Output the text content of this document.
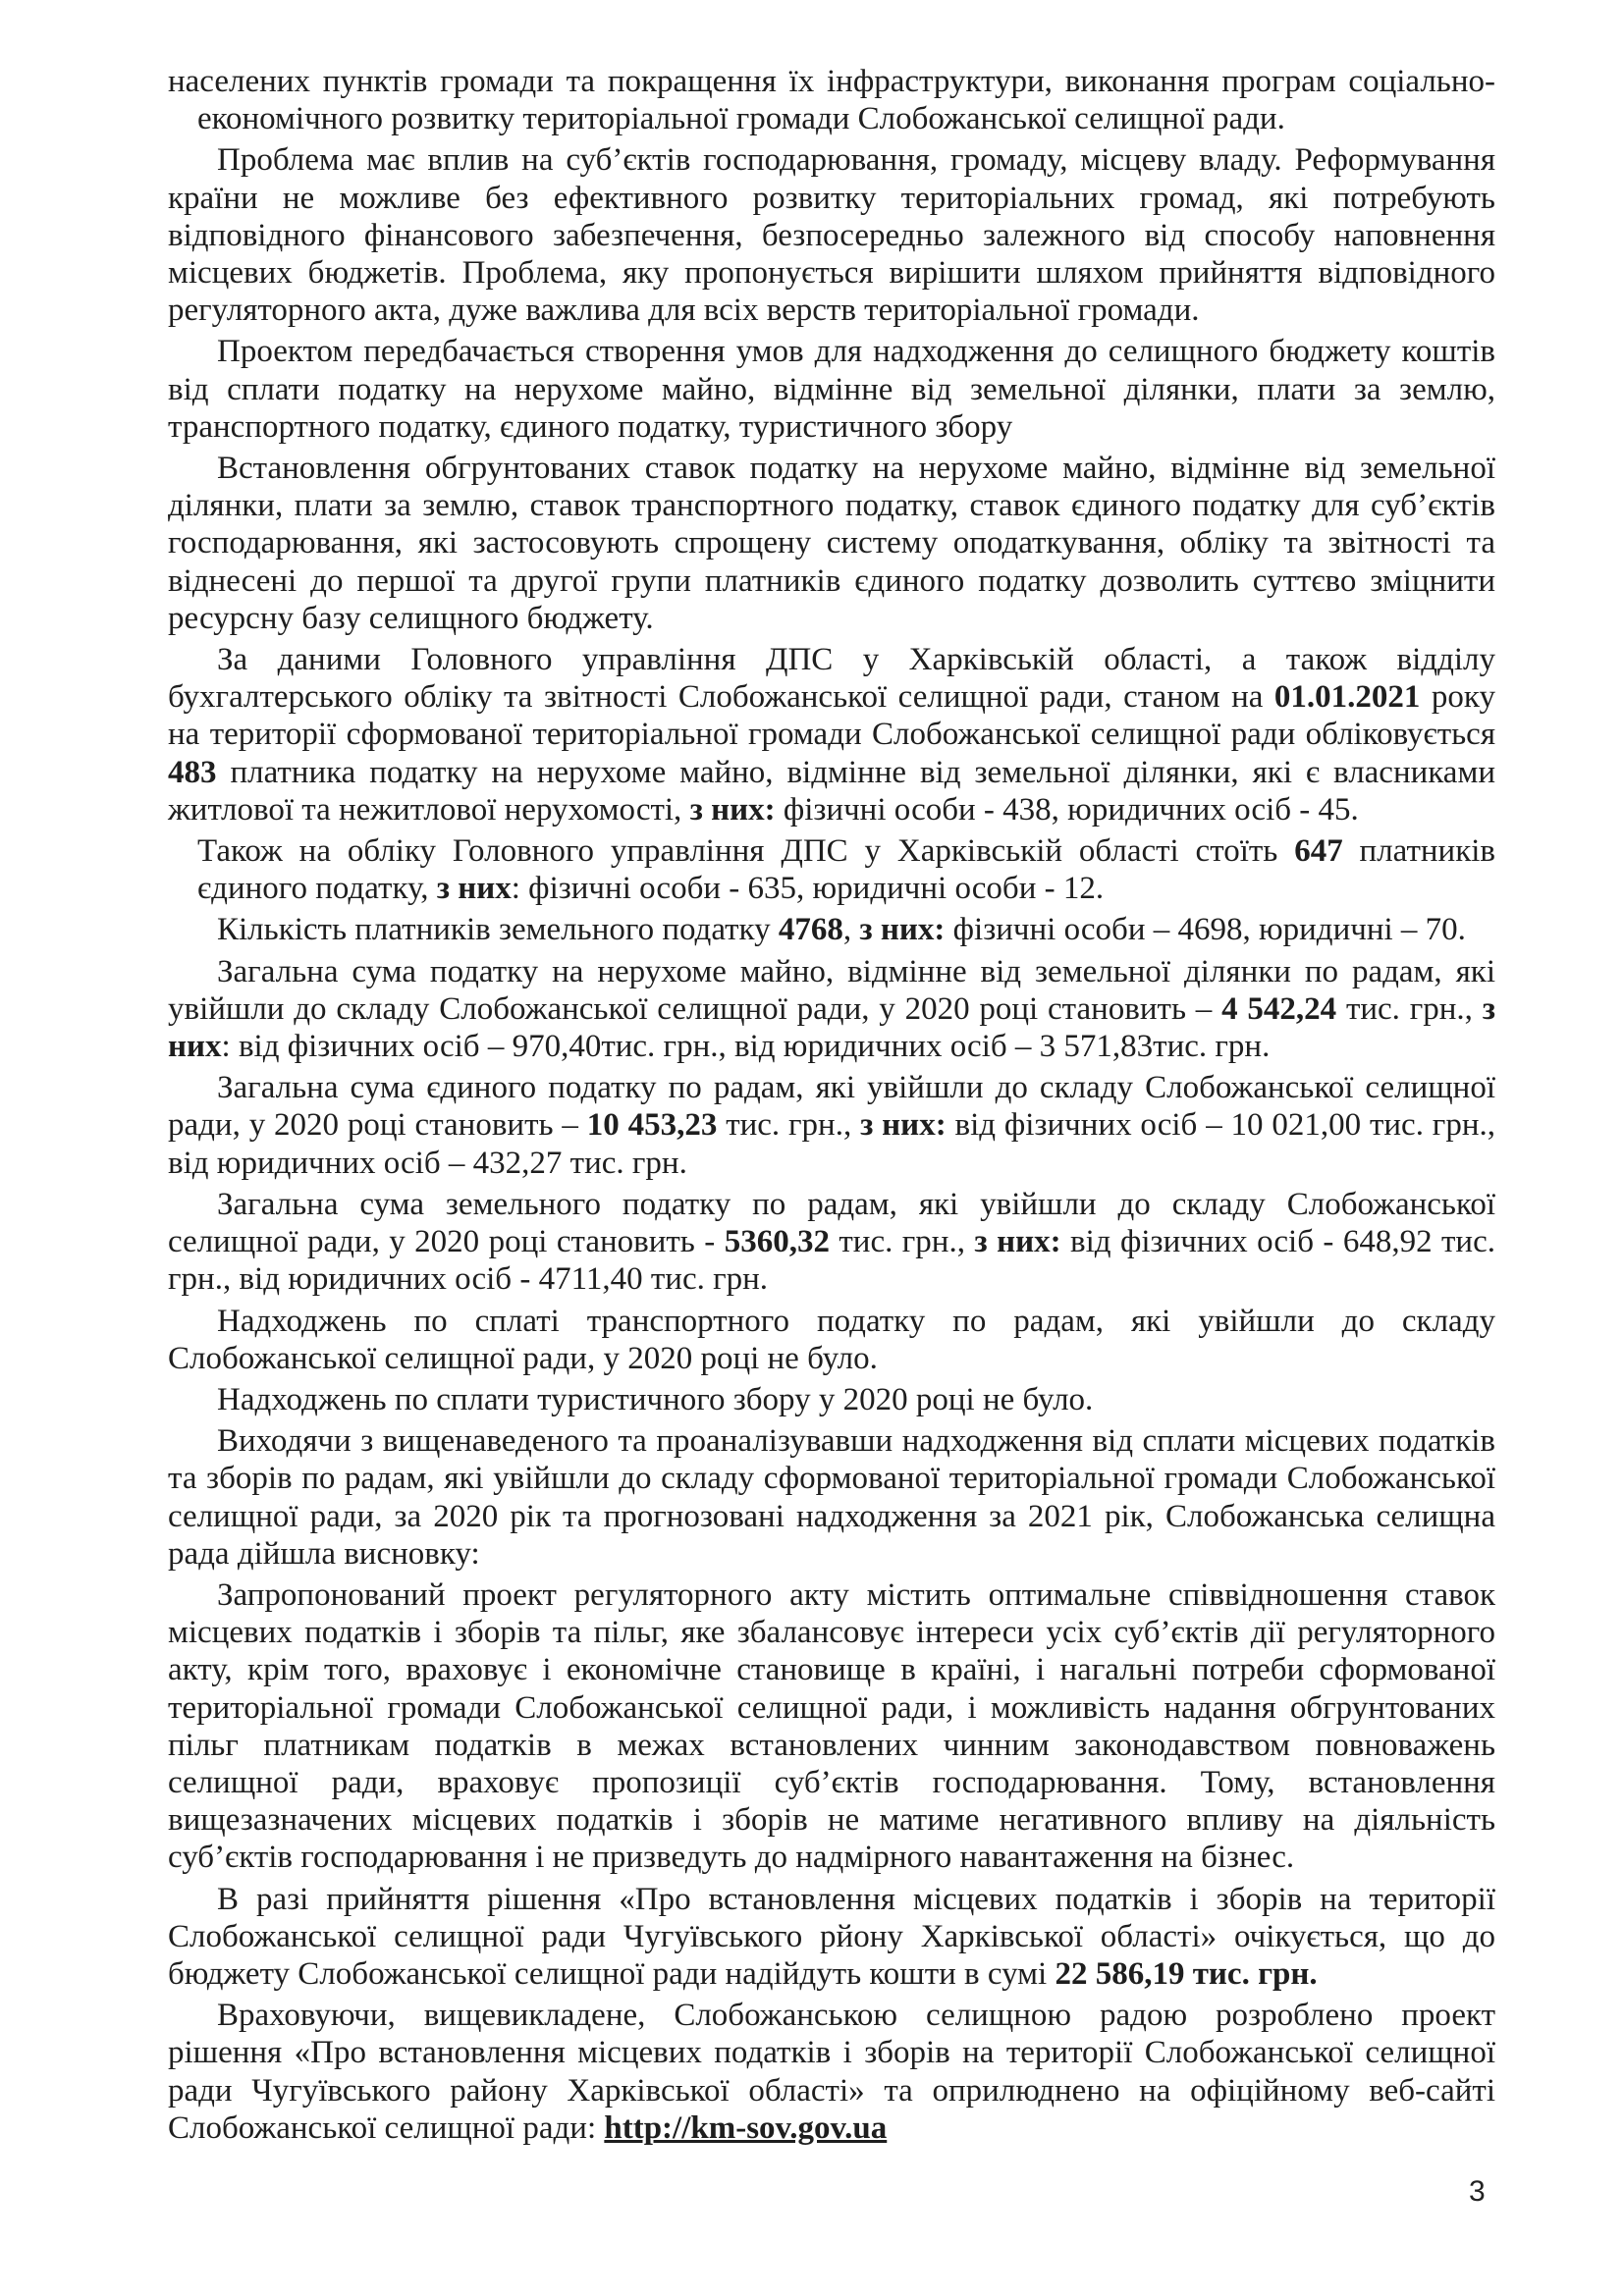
населених пунктів громади та покращення їх інфраструктури, виконання програм соціально-економічного розвитку територіальної громади Слобожанської селищної ради.

Проблема має вплив на суб’єктів господарювання, громаду, місцеву владу. Реформування країни не можливе без ефективного розвитку територіальних громад, які потребують відповідного фінансового забезпечення, безпосередньо залежного від способу наповнення місцевих бюджетів. Проблема, яку пропонується вирішити шляхом прийняття відповідного регуляторного акта, дуже важлива для всіх верств територіальної громади.

Проектом передбачається створення умов для надходження до селищного бюджету коштів від сплати податку на нерухоме майно, відмінне від земельної ділянки, плати за землю, транспортного податку, єдиного податку, туристичного збору

Встановлення обгрунтованих ставок податку на нерухоме майно, відмінне від земельної ділянки, плати за землю, ставок транспортного податку, ставок єдиного податку для суб’єктів господарювання, які застосовують спрощену систему оподаткування, обліку та звітності та віднесені до першої та другої групи платників єдиного податку дозволить суттєво зміцнити ресурсну базу селищного бюджету.

За даними Головного управління ДПС у Харківській області, а також відділу бухгалтерського обліку та звітності Слобожанської селищної ради, станом на 01.01.2021 року на території сформованої територіальної громади Слобожанської селищної ради обліковується 483 платника податку на нерухоме майно, відмінне від земельної ділянки, які є власниками житлової та нежитлової нерухомості, з них: фізичні особи - 438, юридичних осіб - 45.

Також на обліку Головного управління ДПС у Харківській області стоїть 647 платників єдиного податку, з них: фізичні особи - 635, юридичні особи - 12.

Кількість платників земельного податку 4768, з них: фізичні особи – 4698, юридичні – 70.

Загальна сума податку на нерухоме майно, відмінне від земельної ділянки по радам, які увійшли до складу Слобожанської селищної ради, у 2020 році становить – 4 542,24 тис. грн., з них: від фізичних осіб – 970,40тис. грн., від юридичних осіб – 3 571,83тис. грн.

Загальна сума єдиного податку по радам, які увійшли до складу Слобожанської селищної ради, у 2020 році становить – 10 453,23 тис. грн., з них: від фізичних осіб – 10 021,00 тис. грн., від юридичних осіб – 432,27 тис. грн.

Загальна сума земельного податку по радам, які увійшли до складу Слобожанської селищної ради, у 2020 році становить - 5360,32 тис. грн., з них: від фізичних осіб - 648,92 тис. грн., від юридичних осіб - 4711,40 тис. грн.

Надходжень по сплаті транспортного податку по радам, які увійшли до складу Слобожанської селищної ради, у 2020 році не було.

Надходжень по сплати туристичного збору у 2020 році не було.

Виходячи з вищенаведеного та проаналізувавши надходження від сплати місцевих податків та зборів по радам, які увійшли до складу сформованої територіальної громади Слобожанської селищної ради, за 2020 рік та прогнозовані надходження за 2021 рік, Слобожанська селищна рада дійшла висновку:

Запропонований проект регуляторного акту містить оптимальне співвідношення ставок місцевих податків і зборів та пільг, яке збалансовує інтереси усіх суб’єктів дії регуляторного акту, крім того, враховує і економічне становище в країні, і нагальні потреби сформованої територіальної громади Слобожанської селищної ради, і можливість надання обгрунтованих пільг платникам податків в межах встановлених чинним законодавством повноважень селищної ради, враховує пропозиції суб’єктів господарювання. Тому, встановлення вищезазначених місцевих податків і зборів не матиме негативного впливу на діяльність суб’єктів господарювання і не призведуть до надмірного навантаження на бізнес.

В разі прийняття рішення «Про встановлення місцевих податків і зборів на території Слобожанської селищної ради Чугуївського рйону Харківської області» очікується, що до бюджету Слобожанської селищної ради надійдуть кошти в сумі 22 586,19 тис. грн.

Враховуючи, вищевикладене, Слобожанською селищною радою розроблено проект рішення «Про встановлення місцевих податків і зборів на території Слобожанської селищної ради Чугуївського району Харківської області» та оприлюднено на офіційному веб-сайті Слобожанської селищної ради: http://km-sov.gov.ua

3
